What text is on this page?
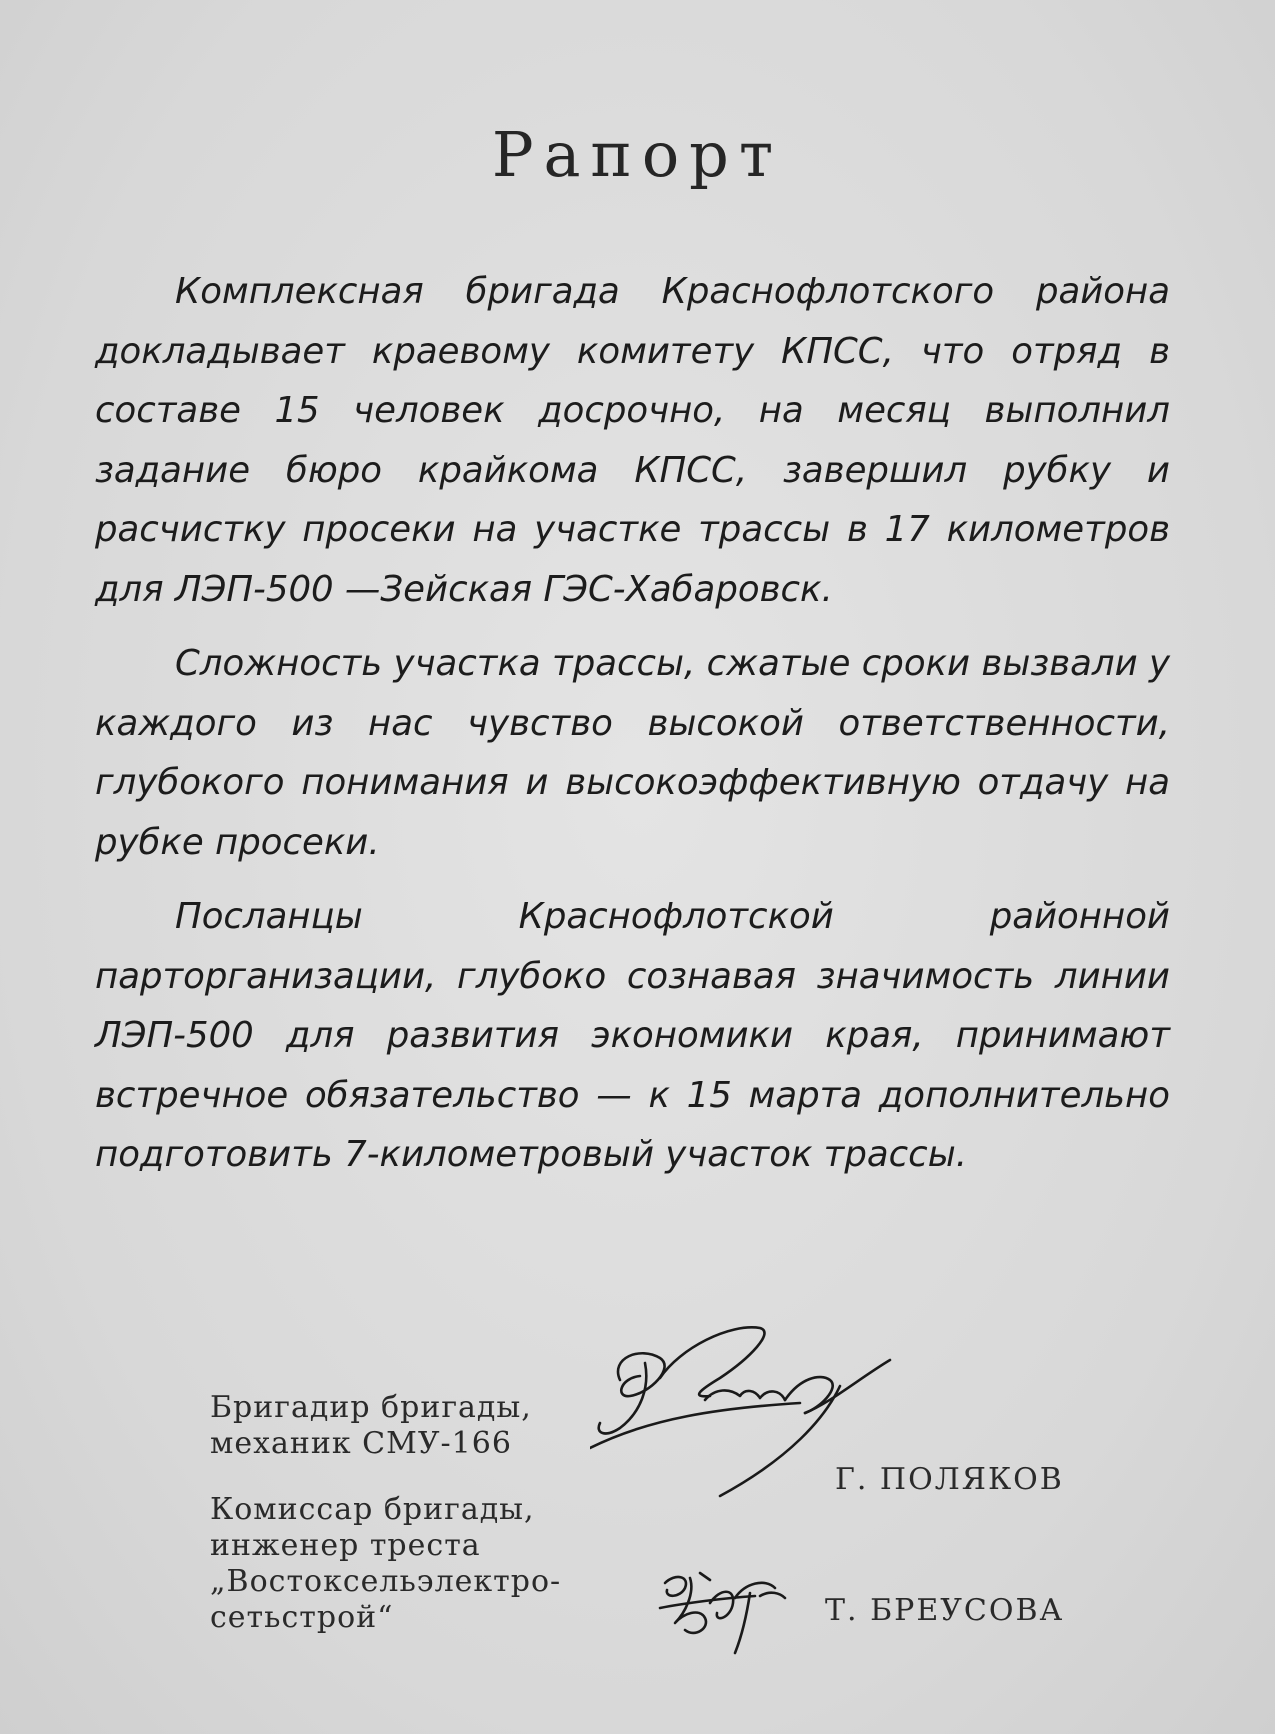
Рапорт

Комплексная бригада Краснофлотского района докладывает краевому комитету КПСС, что отряд в составе 15 человек досрочно, на месяц выполнил задание бюро крайкома КПСС, завершил рубку и расчистку просеки на участке трассы в 17 километров для ЛЭП-500 —Зейская ГЭС-Хабаровск.

Сложность участка трассы, сжатые сроки вызвали у каждого из нас чувство высокой ответственности, глубокого понимания и высокоэффективную отдачу на рубке просеки.

Посланцы Краснофлотской районной парторганизации, глубоко сознавая значимость линии ЛЭП-500 для развития экономики края, принимают встречное обязательство — к 15 марта дополнительно подготовить 7-километровый участок трассы.

Бригадир бригады,
механик СМУ-166
Г. ПОЛЯКОВ
Комиссар бригады,
инженер треста
„Востоксельэлектро-
сетьстрой“	Т. БРЕУСОВА
